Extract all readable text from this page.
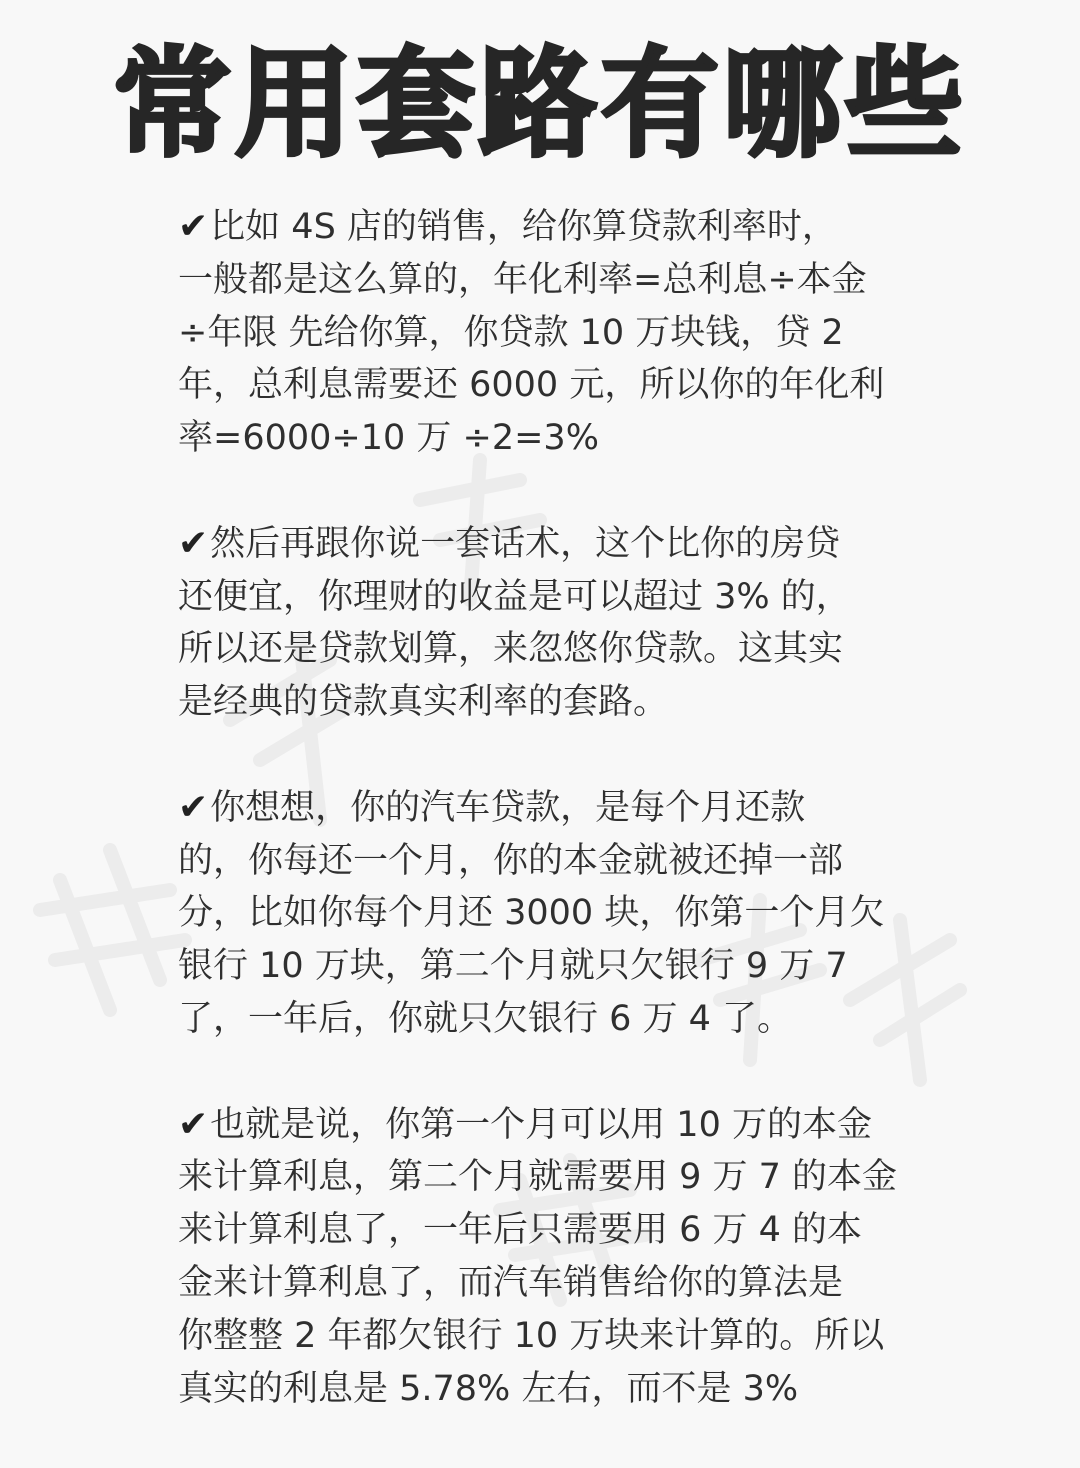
常用套路有哪些
✔比如 4S 店的销售，给你算贷款利率时，
一般都是这么算的，年化利率=总利息÷本金
÷年限 先给你算，你贷款 10 万块钱，贷 2
年，总利息需要还 6000 元，所以你的年化利
率=6000÷10 万 ÷2=3%
✔然后再跟你说一套话术，这个比你的房贷
还便宜，你理财的收益是可以超过 3% 的，
所以还是贷款划算，来忽悠你贷款。这其实
是经典的贷款真实利率的套路。
✔你想想，你的汽车贷款，是每个月还款
的，你每还一个月，你的本金就被还掉一部
分，比如你每个月还 3000 块，你第一个月欠
银行 10 万块，第二个月就只欠银行 9 万 7
了，一年后，你就只欠银行 6 万 4 了。
✔也就是说，你第一个月可以用 10 万的本金
来计算利息，第二个月就需要用 9 万 7 的本金
来计算利息了，一年后只需要用 6 万 4 的本
金来计算利息了，而汽车销售给你的算法是
你整整 2 年都欠银行 10 万块来计算的。所以
真实的利息是 5.78% 左右，而不是 3%
